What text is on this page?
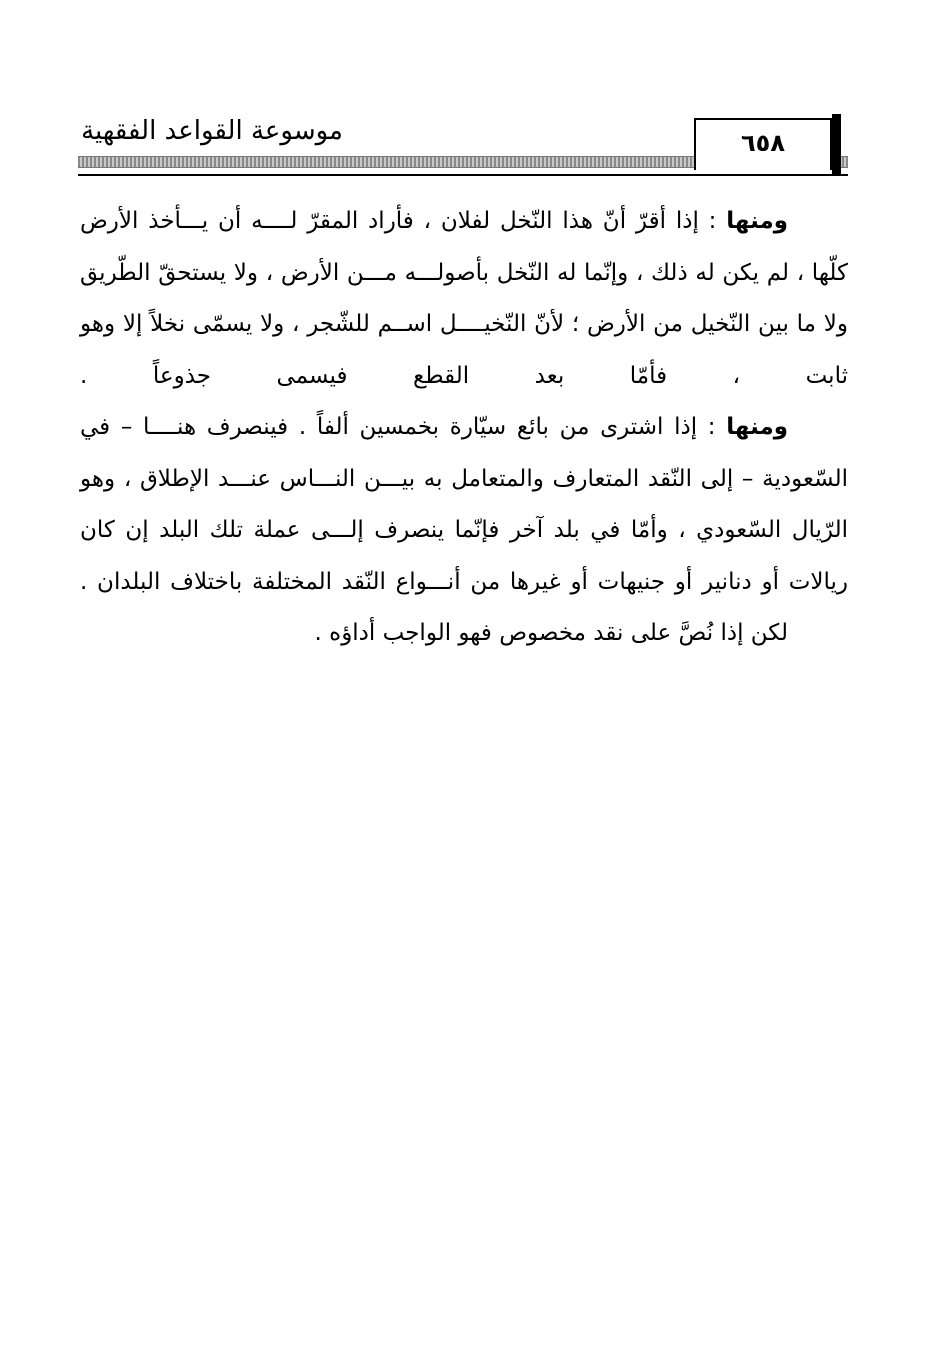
موسوعة القواعد الفقهية	٦٥٨

ومنها : إذا أقرّ أنّ هذا النّخل لفلان ، فأراد المقرّ لــــه أن يـــأخذ الأرض كلّها ، لم يكن له ذلك ، وإنّما له النّخل بأصولـــه مـــن الأرض ، ولا يستحقّ الطّريق ولا ما بين النّخيل من الأرض ؛ لأنّ النّخيــــل اســم للشّجر ، ولا يسمّى نخلاً إلا وهو ثابت ، فأمّا بعد القطع فيسمى جذوعاً .

ومنها : إذا اشترى من بائع سيّارة بخمسين ألفاً . فينصرف هنــــا – في السّعودية – إلى النّقد المتعارف والمتعامل به بيـــن النـــاس عنـــد الإطلاق ، وهو الرّيال السّعودي ، وأمّا في بلد آخر فإنّما ينصرف إلـــى عملة تلك البلد إن كان ريالات أو دنانير أو جنيهات أو غيرها من أنـــواع النّقد المختلفة باختلاف البلدان .

لكن إذا نُصَّ على نقد مخصوص فهو الواجب أداؤه .
